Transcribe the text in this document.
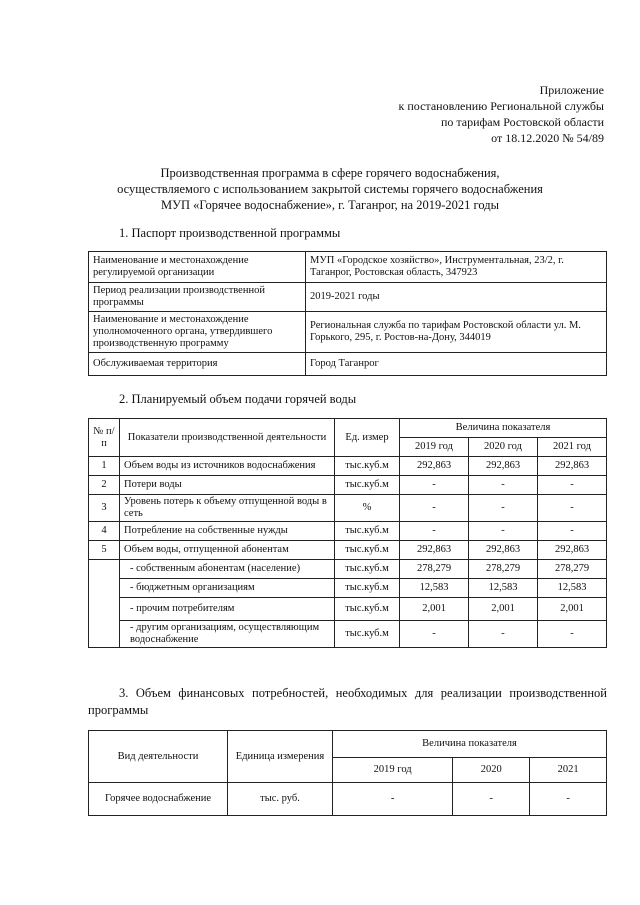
Приложение
к постановлению Региональной службы
по тарифам Ростовской области
от 18.12.2020 № 54/89
Производственная программа в сфере горячего водоснабжения,
осуществляемого с использованием закрытой системы горячего водоснабжения
МУП «Горячее водоснабжение», г. Таганрог, на 2019-2021 годы
1. Паспорт производственной программы
Наименование и местонахождение регулируемой организации	МУП «Городское хозяйство», Инструментальная, 23/2, г. Таганрог, Ростовская область, 347923
Период реализации производственной программы	2019-2021 годы
Наименование и местонахождение уполномоченного органа, утвердившего производственную программу	Региональная служба по тарифам Ростовской области ул. М. Горького, 295, г. Ростов-на-Дону, 344019
Обслуживаемая территория	Город Таганрог
2. Планируемый объем подачи горячей воды
№ п/п	Показатели производственной деятельности	Ед. измер	Величина показателя		
			2019 год	2020 год	2021 год
1	Объем воды из источников водоснабжения	тыс.куб.м	292,863	292,863	292,863
2	Потери воды	тыс.куб.м	-	-	-
3	Уровень потерь к объему отпущенной воды в сеть	%	-	-	-
4	Потребление на собственные нужды	тыс.куб.м	-	-	-
5	Объем воды, отпущенной абонентам	тыс.куб.м	292,863	292,863	292,863
	- собственным абонентам (население)	тыс.куб.м	278,279	278,279	278,279
	- бюджетным организациям	тыс.куб.м	12,583	12,583	12,583
	- прочим потребителям	тыс.куб.м	2,001	2,001	2,001
	- другим организациям, осуществляющим водоснабжение	тыс.куб.м	-	-	-
3. Объем финансовых потребностей, необходимых для реализации производственной программы
Вид деятельности	Единица измерения	Величина показателя		
		2019 год	2020	2021
Горячее водоснабжение	тыс. руб.	-	-	-
